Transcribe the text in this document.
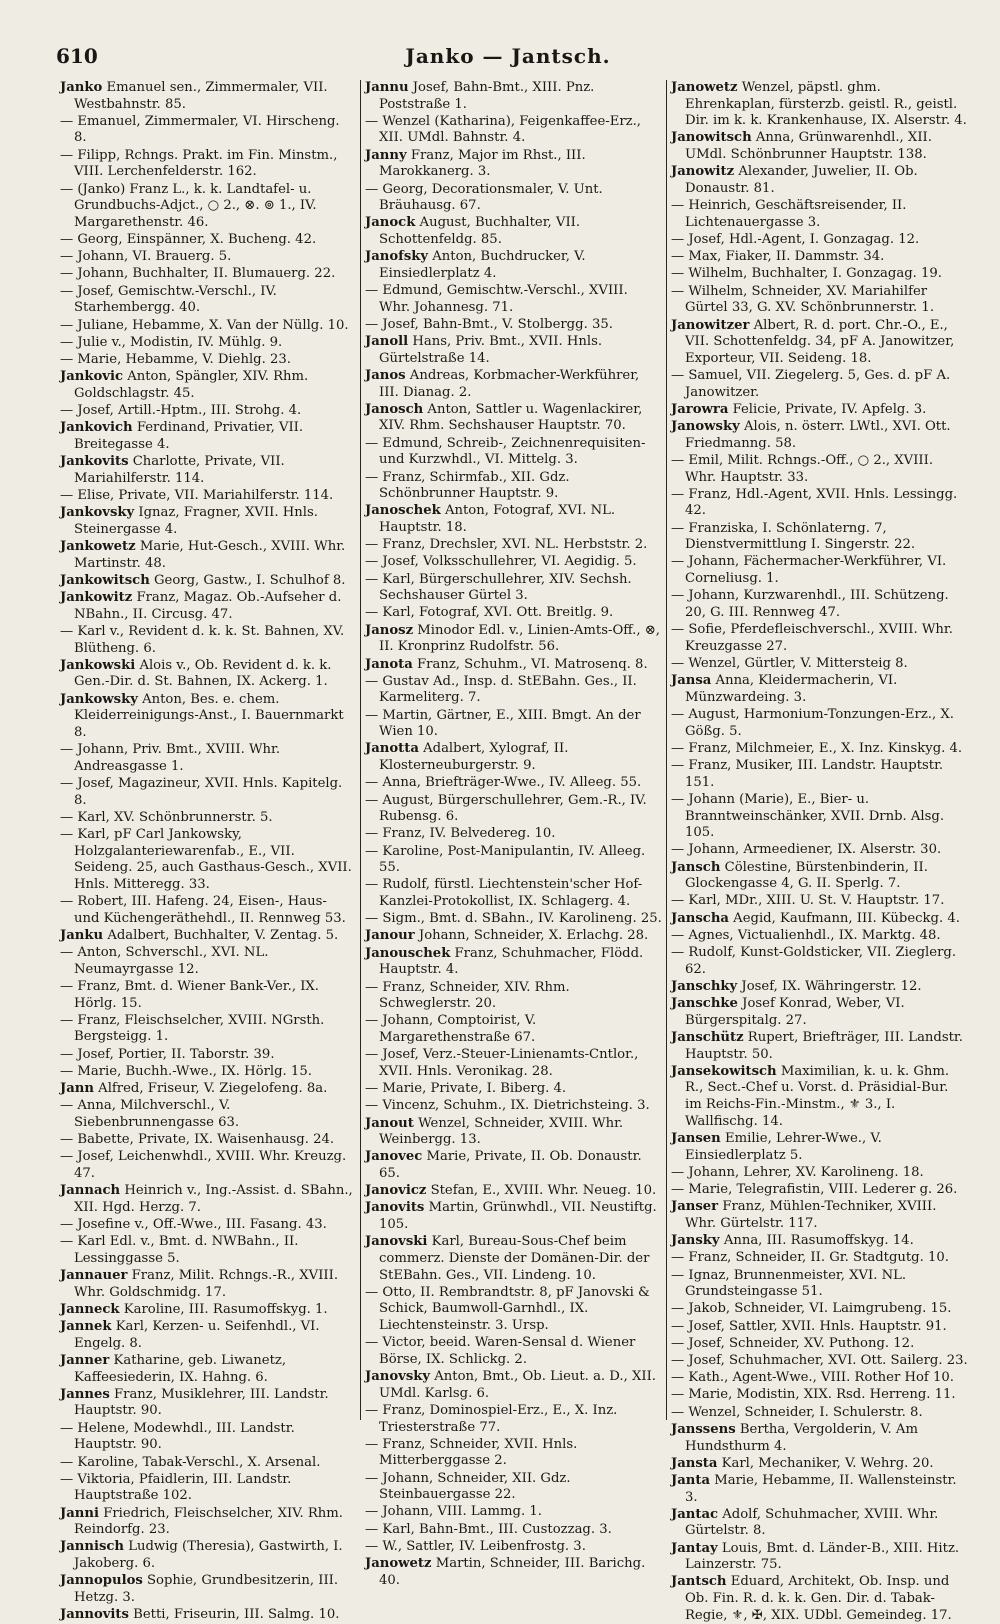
610	Janko — Jantsch.
Janko Emanuel sen., Zimmermaler, VII. Westbahnstr. 85.
— Emanuel, Zimmermaler, VI. Hirscheng. 8.
— Filipp, Rchngs. Prakt. im Fin. Minstm., VIII. Lerchenfelderstr. 162.
— (Janko) Franz L., k. k. Landtafel- u. Grundbuchs-Adjct., ○ 2., ⊗. ⊚ 1., IV. Margarethenstr. 46.
— Georg, Einspänner, X. Bucheng. 42.
— Johann, VI. Brauerg. 5.
— Johann, Buchhalter, II. Blumauerg. 22.
— Josef, Gemischtw.-Verschl., IV. Starhembergg. 40.
— Juliane, Hebamme, X. Van der Nüllg. 10.
— Julie v., Modistin, IV. Mühlg. 9.
— Marie, Hebamme, V. Diehlg. 23.
Jankovic Anton, Spängler, XIV. Rhm. Goldschlagstr. 45.
— Josef, Artill.-Hptm., III. Strohg. 4.
Jankovich Ferdinand, Privatier, VII. Breitegasse 4.
Jankovits Charlotte, Private, VII. Mariahilferstr. 114.
— Elise, Private, VII. Mariahilferstr. 114.
Jankovsky Ignaz, Fragner, XVII. Hnls. Steinergasse 4.
Jankowetz Marie, Hut-Gesch., XVIII. Whr. Martinstr. 48.
Jankowitsch Georg, Gastw., I. Schulhof 8.
Jankowitz Franz, Magaz. Ob.-Aufseher d. NBahn., II. Circusg. 47.
— Karl v., Revident d. k. k. St. Bahnen, XV. Blütheng. 6.
Jankowski Alois v., Ob. Revident d. k. k. Gen.-Dir. d. St. Bahnen, IX. Ackerg. 1.
Jankowsky Anton, Bes. e. chem. Kleiderreinigungs-Anst., I. Bauernmarkt 8.
— Johann, Priv. Bmt., XVIII. Whr. Andreasgasse 1.
— Josef, Magazineur, XVII. Hnls. Kapitelg. 8.
— Karl, XV. Schönbrunnerstr. 5.
— Karl, pF Carl Jankowsky, Holzgalanteriewarenfab., E., VII. Seideng. 25, auch Gasthaus-Gesch., XVII. Hnls. Mitteregg. 33.
— Robert, III. Hafeng. 24, Eisen-, Haus- und Küchengeräthehdl., II. Rennweg 53.
Janku Adalbert, Buchhalter, V. Zentag. 5.
— Anton, Schverschl., XVI. NL. Neumayrgasse 12.
— Franz, Bmt. d. Wiener Bank-Ver., IX. Hörlg. 15.
— Franz, Fleischselcher, XVIII. NGrsth. Bergsteigg. 1.
— Josef, Portier, II. Taborstr. 39.
— Marie, Buchh.-Wwe., IX. Hörlg. 15.
Jann Alfred, Friseur, V. Ziegelofeng. 8a.
— Anna, Milchverschl., V. Siebenbrunnengasse 63.
— Babette, Private, IX. Waisenhausg. 24.
— Josef, Leichenwhdl., XVIII. Whr. Kreuzg. 47.
Jannach Heinrich v., Ing.-Assist. d. SBahn., XII. Hgd. Herzg. 7.
— Josefine v., Off.-Wwe., III. Fasang. 43.
— Karl Edl. v., Bmt. d. NWBahn., II. Lessinggasse 5.
Jannauer Franz, Milit. Rchngs.-R., XVIII. Whr. Goldschmidg. 17.
Janneck Karoline, III. Rasumoffskyg. 1.
Jannek Karl, Kerzen- u. Seifenhdl., VI. Engelg. 8.
Janner Katharine, geb. Liwanetz, Kaffeesiederin, IX. Hahng. 6.
Jannes Franz, Musiklehrer, III. Landstr. Hauptstr. 90.
— Helene, Modewhdl., III. Landstr. Hauptstr. 90.
— Karoline, Tabak-Verschl., X. Arsenal.
— Viktoria, Pfaidlerin, III. Landstr. Hauptstraße 102.
Janni Friedrich, Fleischselcher, XIV. Rhm. Reindorfg. 23.
Jannisch Ludwig (Theresia), Gastwirth, I. Jakoberg. 6.
Jannopulos Sophie, Grundbesitzerin, III. Hetzg. 3.
Jannovits Betti, Friseurin, III. Salmg. 10.
Jannu Josef, Bahn-Bmt., XIII. Pnz. Poststraße 1.
— Wenzel (Katharina), Feigenkaffee-Erz., XII. UMdl. Bahnstr. 4.
Janny Franz, Major im Rhst., III. Marokkanerg. 3.
— Georg, Decorationsmaler, V. Unt. Bräuhausg. 67.
Janock August, Buchhalter, VII. Schottenfeldg. 85.
Janofsky Anton, Buchdrucker, V. Einsiedlerplatz 4.
— Edmund, Gemischtw.-Verschl., XVIII. Whr. Johannesg. 71.
— Josef, Bahn-Bmt., V. Stolbergg. 35.
Janoll Hans, Priv. Bmt., XVII. Hnls. Gürtelstraße 14.
Janos Andreas, Korbmacher-Werkführer, III. Dianag. 2.
Janosch Anton, Sattler u. Wagenlackirer, XIV. Rhm. Sechshauser Hauptstr. 70.
— Edmund, Schreib-, Zeichnenrequisiten- und Kurzwhdl., VI. Mittelg. 3.
— Franz, Schirmfab., XII. Gdz. Schönbrunner Hauptstr. 9.
Janoschek Anton, Fotograf, XVI. NL. Hauptstr. 18.
— Franz, Drechsler, XVI. NL. Herbststr. 2.
— Josef, Volksschullehrer, VI. Aegidig. 5.
— Karl, Bürgerschullehrer, XIV. Sechsh. Sechshauser Gürtel 3.
— Karl, Fotograf, XVI. Ott. Breitlg. 9.
Janosz Minodor Edl. v., Linien-Amts-Off., ⊗, II. Kronprinz Rudolfstr. 56.
Janota Franz, Schuhm., VI. Matrosenq. 8.
— Gustav Ad., Insp. d. StEBahn. Ges., II. Karmeliterg. 7.
— Martin, Gärtner, E., XIII. Bmgt. An der Wien 10.
Janotta Adalbert, Xylograf, II. Klosterneuburgerstr. 9.
— Anna, Briefträger-Wwe., IV. Alleeg. 55.
— August, Bürgerschullehrer, Gem.-R., IV. Rubensg. 6.
— Franz, IV. Belvedereg. 10.
— Karoline, Post-Manipulantin, IV. Alleeg. 55.
— Rudolf, fürstl. Liechtenstein'scher Hof-Kanzlei-Protokollist, IX. Schlagerg. 4.
— Sigm., Bmt. d. SBahn., IV. Karolineng. 25.
Janour Johann, Schneider, X. Erlachg. 28.
Janouschek Franz, Schuhmacher, Flödd. Hauptstr. 4.
— Franz, Schneider, XIV. Rhm. Schweglerstr. 20.
— Johann, Comptoirist, V. Margarethenstraße 67.
— Josef, Verz.-Steuer-Linienamts-Cntlor., XVII. Hnls. Veronikag. 28.
— Marie, Private, I. Biberg. 4.
— Vincenz, Schuhm., IX. Dietrichsteing. 3.
Janout Wenzel, Schneider, XVIII. Whr. Weinbergg. 13.
Janovec Marie, Private, II. Ob. Donaustr. 65.
Janovicz Stefan, E., XVIII. Whr. Neueg. 10.
Janovits Martin, Grünwhdl., VII. Neustiftg. 105.
Janovski Karl, Bureau-Sous-Chef beim commerz. Dienste der Domänen-Dir. der StEBahn. Ges., VII. Lindeng. 10.
— Otto, II. Rembrandtstr. 8, pF Janovski & Schick, Baumwoll-Garnhdl., IX. Liechtensteinstr. 3. Ursp.
— Victor, beeid. Waren-Sensal d. Wiener Börse, IX. Schlickg. 2.
Janovsky Anton, Bmt., Ob. Lieut. a. D., XII. UMdl. Karlsg. 6.
— Franz, Dominospiel-Erz., E., X. Inz. Triesterstraße 77.
— Franz, Schneider, XVII. Hnls. Mitterberggasse 2.
— Johann, Schneider, XII. Gdz. Steinbauergasse 22.
— Johann, VIII. Lammg. 1.
— Karl, Bahn-Bmt., III. Custozzag. 3.
— W., Sattler, IV. Leibenfrostg. 3.
Janowetz Martin, Schneider, III. Barichg. 40.
Janowetz Wenzel, päpstl. ghm. Ehrenkaplan, fürsterzb. geistl. R., geistl. Dir. im k. k. Krankenhause, IX. Alserstr. 4.
Janowitsch Anna, Grünwarenhdl., XII. UMdl. Schönbrunner Hauptstr. 138.
Janowitz Alexander, Juwelier, II. Ob. Donaustr. 81.
— Heinrich, Geschäftsreisender, II. Lichtenauergasse 3.
— Josef, Hdl.-Agent, I. Gonzagag. 12.
— Max, Fiaker, II. Dammstr. 34.
— Wilhelm, Buchhalter, I. Gonzagag. 19.
— Wilhelm, Schneider, XV. Mariahilfer Gürtel 33, G. XV. Schönbrunnerstr. 1.
Janowitzer Albert, R. d. port. Chr.-O., E., VII. Schottenfeldg. 34, pF A. Janowitzer, Exporteur, VII. Seideng. 18.
— Samuel, VII. Ziegelerg. 5, Ges. d. pF A. Janowitzer.
Jarowra Felicie, Private, IV. Apfelg. 3.
Janowsky Alois, n. österr. LWtl., XVI. Ott. Friedmanng. 58.
— Emil, Milit. Rchngs.-Off., ○ 2., XVIII. Whr. Hauptstr. 33.
— Franz, Hdl.-Agent, XVII. Hnls. Lessingg. 42.
— Franziska, I. Schönlaterng. 7, Dienstvermittlung I. Singerstr. 22.
— Johann, Fächermacher-Werkführer, VI. Corneliusg. 1.
— Johann, Kurzwarenhdl., III. Schützeng. 20, G. III. Rennweg 47.
— Sofie, Pferdefleischverschl., XVIII. Whr. Kreuzgasse 27.
— Wenzel, Gürtler, V. Mittersteig 8.
Jansa Anna, Kleidermacherin, VI. Münzwardeing. 3.
— August, Harmonium-Tonzungen-Erz., X. Gößg. 5.
— Franz, Milchmeier, E., X. Inz. Kinskyg. 4.
— Franz, Musiker, III. Landstr. Hauptstr. 151.
— Johann (Marie), E., Bier- u. Branntweinschänker, XVII. Drnb. Alsg. 105.
— Johann, Armeediener, IX. Alserstr. 30.
Jansch Cölestine, Bürstenbinderin, II. Glockengasse 4, G. II. Sperlg. 7.
— Karl, MDr., XIII. U. St. V. Hauptstr. 17.
Janscha Aegid, Kaufmann, III. Kübeckg. 4.
— Agnes, Victualienhdl., IX. Marktg. 48.
— Rudolf, Kunst-Goldsticker, VII. Zieglerg. 62.
Janschky Josef, IX. Währingerstr. 12.
Janschke Josef Konrad, Weber, VI. Bürgerspitalg. 27.
Janschütz Rupert, Briefträger, III. Landstr. Hauptstr. 50.
Jansekowitsch Maximilian, k. u. k. Ghm. R., Sect.-Chef u. Vorst. d. Präsidial-Bur. im Reichs-Fin.-Minstm., ⚜ 3., I. Wallfischg. 14.
Jansen Emilie, Lehrer-Wwe., V. Einsiedlerplatz 5.
— Johann, Lehrer, XV. Karolineng. 18.
— Marie, Telegrafistin, VIII. Lederer g. 26.
Janser Franz, Mühlen-Techniker, XVIII. Whr. Gürtelstr. 117.
Jansky Anna, III. Rasumoffskyg. 14.
— Franz, Schneider, II. Gr. Stadtgutg. 10.
— Ignaz, Brunnenmeister, XVI. NL. Grundsteingasse 51.
— Jakob, Schneider, VI. Laimgrubeng. 15.
— Josef, Sattler, XVII. Hnls. Hauptstr. 91.
— Josef, Schneider, XV. Puthong. 12.
— Josef, Schuhmacher, XVI. Ott. Sailerg. 23.
— Kath., Agent-Wwe., VIII. Rother Hof 10.
— Marie, Modistin, XIX. Rsd. Herreng. 11.
— Wenzel, Schneider, I. Schulerstr. 8.
Janssens Bertha, Vergolderin, V. Am Hundsthurm 4.
Jansta Karl, Mechaniker, V. Wehrg. 20.
Janta Marie, Hebamme, II. Wallensteinstr. 3.
Jantac Adolf, Schuhmacher, XVIII. Whr. Gürtelstr. 8.
Jantay Louis, Bmt. d. Länder-B., XIII. Hitz. Lainzerstr. 75.
Jantsch Eduard, Architekt, Ob. Insp. und Ob. Fin. R. d. k. k. Gen. Dir. d. Tabak-Regie, ⚜, ✠, XIX. UDbl. Gemeindeg. 17.
